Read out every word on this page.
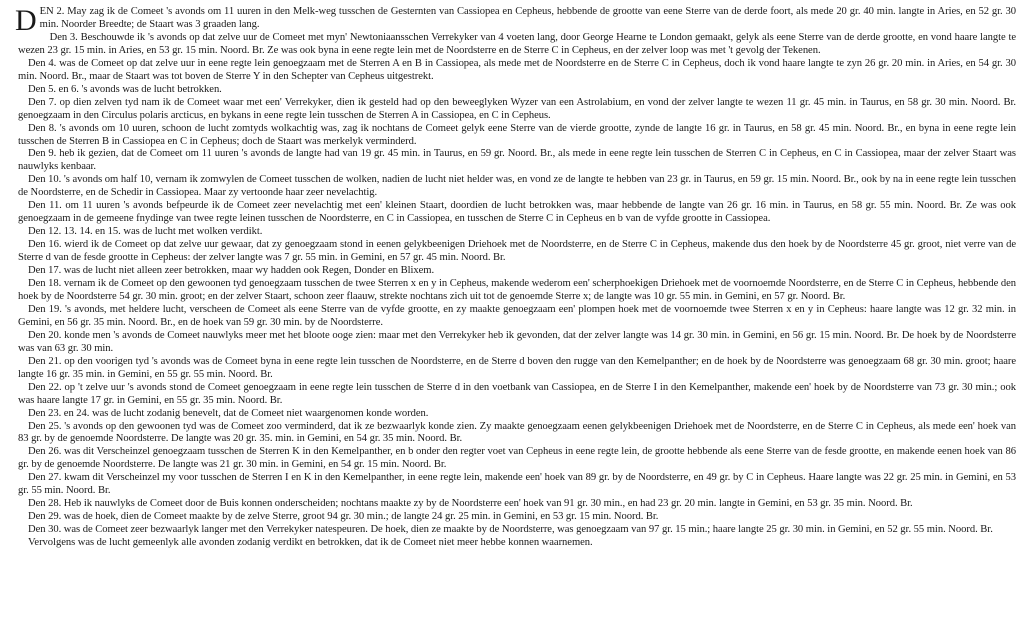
DEN 2. May zag ik de Comeet 's avonds om 11 uuren in den Melk-weg tusschen de Gesternten van Cassiopea en Cepheus, hebbende de grootte van eene Sterre van de derde foort, als mede 20 gr. 40 min. langte in Aries, en 52 gr. 30 min. Noorder Breedte; de Staart was 3 graaden lang.

Den 3. Beschouwde ik 's avonds op dat zelve uur de Comeet met myn' Newtoniaansschen Verrekyker van 4 voeten lang, door George Hearne te London gemaakt, gelyk als eene Sterre van de derde grootte, en vond haare langte te wezen 23 gr. 15 min. in Aries, en 53 gr. 15 min. Noord. Br. Ze was ook byna in eene regte lein met de Noordsterre en de Sterre C in Cepheus, en der zelver loop was met 't gevolg der Tekenen.

Den 4. was de Comeet op dat zelve uur in eene regte lein genoegzaam met de Sterren A en B in Cassiopea, als mede met de Noordsterre en de Sterre C in Cepheus, doch ik vond haare langte te zyn 26 gr. 20 min. in Aries, en 54 gr. 30 min. Noord. Br., maar de Staart was tot boven de Sterre Y in den Schepter van Cepheus uitgestrekt.

Den 5. en 6. 's avonds was de lucht betrokken.

Den 7. op dien zelven tyd nam ik de Comeet waar met een' Verrekyker, dien ik gesteld had op den beweeglyken Wyzer van een Astrolabium, en vond der zelver langte te wezen 11 gr. 45 min. in Taurus, en 58 gr. 30 min. Noord. Br. genoegzaam in den Circulus polaris arcticus, en bykans in eene regte lein tusschen de Sterren A in Cassiopea, en C in Cepheus.

Den 8. 's avonds om 10 uuren, schoon de lucht zomtyds wolkachtig was, zag ik nochtans de Comeet gelyk eene Sterre van de vierde grootte, zynde de langte 16 gr. in Taurus, en 58 gr. 45 min. Noord. Br., en byna in eene regte lein tusschen de Sterren B in Cassiopea en C in Cepheus; doch de Staart was merkelyk verminderd.

Den 9. heb ik gezien, dat de Comeet om 11 uuren 's avonds de langte had van 19 gr. 45 min. in Taurus, en 59 gr. Noord. Br., als mede in eene regte lein tusschen de Sterren C in Cepheus, en C in Cassiopea, maar der zelver Staart was nauwlyks kenbaar.

Den 10. 's avonds om half 10, vernam ik zomwylen de Comeet tusschen de wolken, nadien de lucht niet helder was, en vond ze de langte te hebben van 23 gr. in Taurus, en 59 gr. 15 min. Noord. Br., ook by na in eene regte lein tusschen de Noordsterre, en de Schedir in Cassiopea. Maar zy vertoonde haar zeer nevelachtig.

Den 11. om 11 uuren 's avonds befpeurde ik de Comeet zeer nevelachtig met een' kleinen Staart, doordien de lucht betrokken was, maar hebbende de langte van 26 gr. 16 min. in Taurus, en 58 gr. 55 min. Noord. Br. Ze was ook genoegzaam in de gemeene fnydinge van twee regte leinen tusschen de Noordsterre, en C in Cassiopea, en tusschen de Sterre C in Cepheus en b van de vyfde grootte in Cassiopea.

Den 12. 13. 14. en 15. was de lucht met wolken verdikt.

Den 16. wierd ik de Comeet op dat zelve uur gewaar, dat zy genoegzaam stond in eenen gelykbeenigen Driehoek met de Noordsterre, en de Sterre C in Cepheus, makende dus den hoek by de Noordsterre 45 gr. groot, niet verre van de Sterre d van de fesde grootte in Cepheus: der zelver langte was 7 gr. 55 min. in Gemini, en 57 gr. 45 min. Noord. Br.

Den 17. was de lucht niet alleen zeer betrokken, maar wy hadden ook Regen, Donder en Blixem.

Den 18. vernam ik de Comeet op den gewoonen tyd genoegzaam tusschen de twee Sterren x en y in Cepheus, makende wederom een' scherphoekigen Driehoek met de voornoemde Noordsterre, en de Sterre C in Cepheus, hebbende den hoek by de Noordsterre 54 gr. 30 min. groot; en der zelver Staart, schoon zeer flaauw, strekte nochtans zich uit tot de genoemde Sterre x; de langte was 10 gr. 55 min. in Gemini, en 57 gr. Noord. Br.

Den 19. 's avonds, met heldere lucht, verscheen de Comeet als eene Sterre van de vyfde grootte, en zy maakte genoegzaam een' plompen hoek met de voornoemde twee Sterren x en y in Cepheus: haare langte was 12 gr. 32 min. in Gemini, en 56 gr. 35 min. Noord. Br., en de hoek van 59 gr. 30 min. by de Noordsterre.

Den 20. konde men 's avonds de Comeet nauwlyks meer met het bloote ooge zien: maar met den Verrekyker heb ik gevonden, dat der zelver langte was 14 gr. 30 min. in Gemini, en 56 gr. 15 min. Noord. Br. De hoek by de Noordsterre was van 63 gr. 30 min.

Den 21. op den voorigen tyd 's avonds was de Comeet byna in eene regte lein tusschen de Noordsterre, en de Sterre d boven den rugge van den Kemelpanther; en de hoek by de Noordsterre was genoegzaam 68 gr. 30 min. groot; haare langte 16 gr. 35 min. in Gemini, en 55 gr. 55 min. Noord. Br.

Den 22. op 't zelve uur 's avonds stond de Comeet genoegzaam in eene regte lein tusschen de Sterre d in den voetbank van Cassiopea, en de Sterre I in den Kemelpanther, makende een' hoek by de Noordsterre van 73 gr. 30 min.; ook was haare langte 17 gr. in Gemini, en 55 gr. 35 min. Noord. Br.

Den 23. en 24. was de lucht zodanig benevelt, dat de Comeet niet waargenomen konde worden.

Den 25. 's avonds op den gewoonen tyd was de Comeet zoo verminderd, dat ik ze bezwaarlyk konde zien. Zy maakte genoegzaam eenen gelykbeenigen Driehoek met de Noordsterre, en de Sterre C in Cepheus, als mede een' hoek van 83 gr. by de genoemde Noordsterre. De langte was 20 gr. 35. min. in Gemini, en 54 gr. 35 min. Noord. Br.

Den 26. was dit Verscheinzel genoegzaam tusschen de Sterren K in den Kemelpanther, en b onder den regter voet van Cepheus in eene regte lein, de grootte hebbende als eene Sterre van de fesde grootte, en makende eenen hoek van 86 gr. by de genoemde Noordsterre. De langte was 21 gr. 30 min. in Gemini, en 54 gr. 15 min. Noord. Br.

Den 27. kwam dit Verscheinzel my voor tusschen de Sterren I en K in den Kemelpanther, in eene regte lein, makende een' hoek van 89 gr. by de Noordsterre, en 49 gr. by C in Cepheus. Haare langte was 22 gr. 25 min. in Gemini, en 53 gr. 55 min. Noord. Br.

Den 28. Heb ik nauwlyks de Comeet door de Buis konnen onderscheiden; nochtans maakte zy by de Noordsterre een' hoek van 91 gr. 30 min., en had 23 gr. 20 min. langte in Gemini, en 53 gr. 35 min. Noord. Br.

Den 29. was de hoek, dien de Comeet maakte by de zelve Sterre, groot 94 gr. 30 min.; de langte 24 gr. 25 min. in Gemini, en 53 gr. 15 min. Noord. Br.

Den 30. was de Comeet zeer bezwaarlyk langer met den Verrekyker natespeuren. De hoek, dien ze maakte by de Noordsterre, was genoegzaam van 97 gr. 15 min.; haare langte 25 gr. 30 min. in Gemini, en 52 gr. 55 min. Noord. Br.

Vervolgens was de lucht gemeenlyk alle avonden zodanig verdikt en betrokken, dat ik de Comeet niet meer hebbe konnen waarnemen.
